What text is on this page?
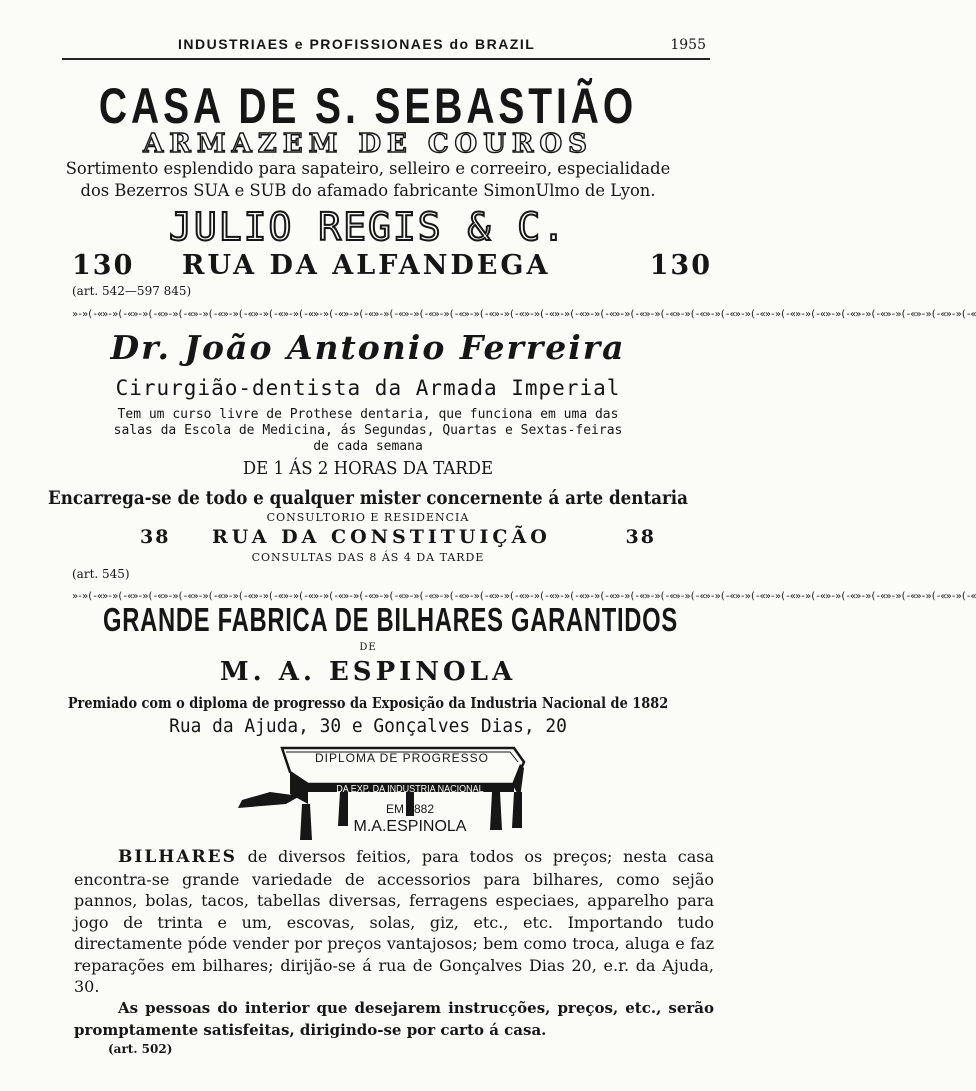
INDUSTRIAES e PROFISSIONAES do BRAZIL	1955
CASA DE S. SEBASTIÃO
ARMAZEM DE COUROS
Sortimento esplendido para sapateiro, selleiro e correeiro, especialidade
dos Bezerros SUA e SUB do afamado fabricante SimonUlmo de Lyon.
JULIO REGIS & C.
130 RUA DA ALFANDEGA	130
(art. 542—597 845)
»-»(-«»-»(-«»-»(-«»-»(-«»-»(-«»-»(-«»-»(-«»-»(-«»-»(-«»-»(-«»-»(-«»-»(-«»-»(-«»-»(-«»-»(-«»-»(-«»-»(-«»-»(-«»-»(-«»-»(-«»-»(-«»-»(-«»-»(-«»-»(-«»-»(-«»-»(-«»-»(-«»-»(-«»-»(-«»-»(-«
Dr. João Antonio Ferreira
Cirurgião-dentista da Armada Imperial
Tem um curso livre de Prothese dentaria, que funciona em uma das
salas da Escola de Medicina, ás Segundas, Quartas e Sextas-feiras
de cada semana
DE 1 ÁS 2 HORAS DA TARDE
Encarrega-se de todo e qualquer mister concernente á arte dentaria
CONSULTORIO E RESIDENCIA
38 RUA DA CONSTITUIÇÃO	38
CONSULTAS DAS 8 ÁS 4 DA TARDE
(art. 545)
»-»(-«»-»(-«»-»(-«»-»(-«»-»(-«»-»(-«»-»(-«»-»(-«»-»(-«»-»(-«»-»(-«»-»(-«»-»(-«»-»(-«»-»(-«»-»(-«»-»(-«»-»(-«»-»(-«»-»(-«»-»(-«»-»(-«»-»(-«»-»(-«»-»(-«»-»(-«»-»(-«»-»(-«»-»(-«»-»(-«
GRANDE FABRICA DE BILHARES GARANTIDOS
DE
M. A. ESPINOLA
Premiado com o diploma de progresso da Exposição da Industria Nacional de 1882
Rua da Ajuda, 30 e Gonçalves Dias, 20
DIPLOMA DE PROGRESSO
DA EXP. DA INDUSTRIA NACIONAL
EM 1882
M.A.ESPINOLA
BILHARES de diversos feitios, para todos os preços; nesta casa encontra-se grande variedade de accessorios para bilhares, como sejão pannos, bolas, tacos, tabellas diversas, ferragens especiaes, apparelho para jogo de trinta e um, escovas, solas, giz, etc., etc. Importando tudo directamente póde vender por preços vantajosos; bem como troca, aluga e faz reparações em bilhares; dirijão-se á rua de Gonçalves Dias 20, e.r. da Ajuda, 30.
As pessoas do interior que desejarem instrucções, preços, etc., serão promptamente satisfeitas, dirigindo-se por carto á casa.
(art. 502)
